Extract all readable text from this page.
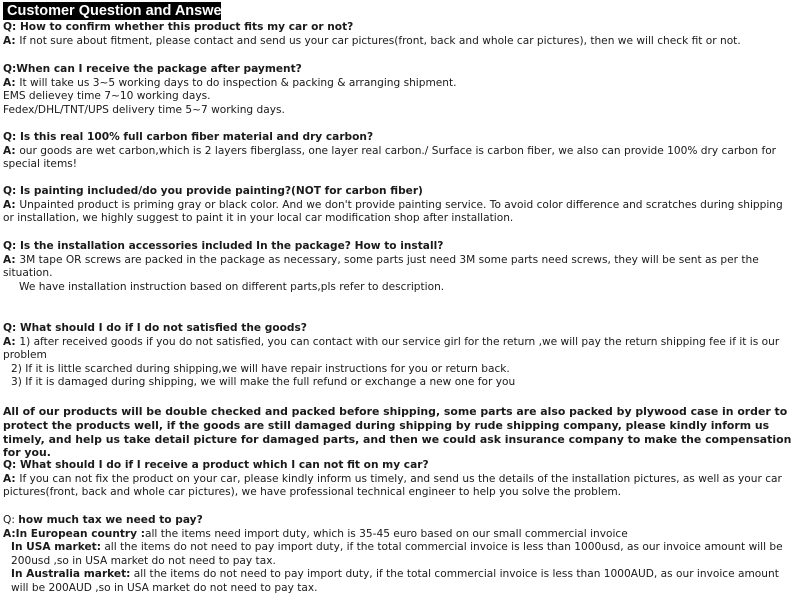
Customer Question and Answer

Q: How to confirm whether this product fits my car or not?

A: If not sure about fitment, please contact and send us your car pictures(front, back and whole car pictures), then we will check fit or not.

Q:When can I receive the package after payment?

A: It will take us 3~5 working days to do inspection & packing & arranging shipment.

EMS delievey time 7~10 working days.

Fedex/DHL/TNT/UPS delivery time 5~7 working days.

Q: Is this real 100% full carbon fiber material and dry carbon?

A: our goods are wet carbon,which is 2 layers fiberglass, one layer real carbon./ Surface is carbon fiber, we also can provide 100% dry carbon for special items!

Q: Is painting included/do you provide painting?(NOT for carbon fiber)

A: Unpainted product is priming gray or black color. And we don't provide painting service. To avoid color difference and scratches during shipping or installation, we highly suggest to paint it in your local car modification shop after installation.

Q: Is the installation accessories included In the package? How to install?

A: 3M tape OR screws are packed in the package as necessary, some parts just need 3M some parts need screws, they will be sent as per the situation.

We have installation instruction based on different parts,pls refer to description.

Q: What should I do if I do not satisfied the goods?

A: 1) after received goods if you do not satisfied, you can contact with our service girl for the return ,we will pay the return shipping fee if it is our problem

2) If it is little scarched during shipping,we will have repair instructions for you or return back.

3) If it is damaged during shipping, we will make the full refund or exchange a new one for you

All of our products will be double checked and packed before shipping, some parts are also packed by plywood case in order to protect the products well, if the goods are still damaged during shipping by rude shipping company, please kindly inform us timely, and help us take detail picture for damaged parts, and then we could ask insurance company to make the compensation for you.

Q: What should I do if I receive a product which I can not fit on my car?

A: If you can not fix the product on your car, please kindly inform us timely, and send us the details of the installation pictures, as well as your car pictures(front, back and whole car pictures), we have professional technical engineer to help you solve the problem.

Q: how much tax we need to pay?

A:In European country :all the items need import duty, which is 35-45 euro based on our small commercial invoice

In USA market: all the items do not need to pay import duty, if the total commercial invoice is less than 1000usd, as our invoice amount will be 200usd ,so in USA market do not need to pay tax.

In Australia market: all the items do not need to pay import duty, if the total commercial invoice is less than 1000AUD, as our invoice amount will be 200AUD ,so in USA market do not need to pay tax.
